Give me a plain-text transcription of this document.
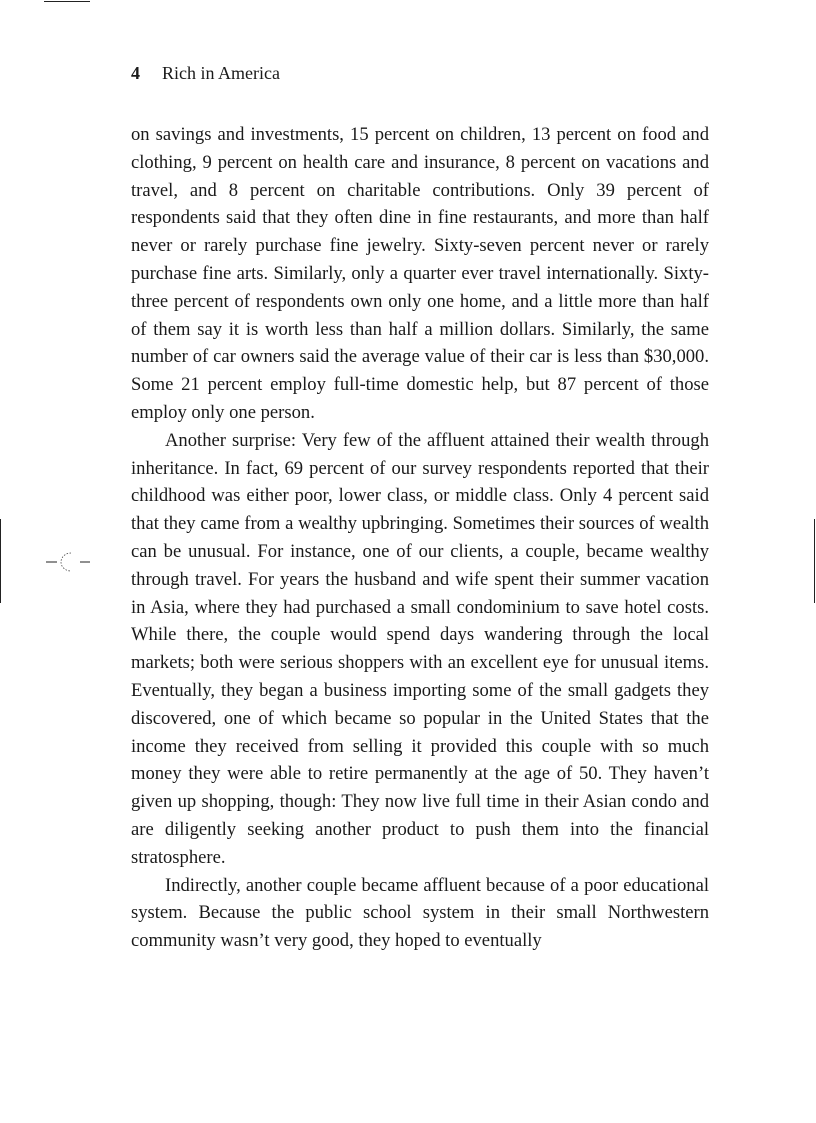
4 Rich in America

on savings and investments, 15 percent on children, 13 percent on food and clothing, 9 percent on health care and insurance, 8 percent on vacations and travel, and 8 percent on charitable contributions. Only 39 percent of respondents said that they often dine in fine restaurants, and more than half never or rarely purchase fine jewelry. Sixty-seven percent never or rarely purchase fine arts. Similarly, only a quarter ever travel internationally. Sixty-three percent of respondents own only one home, and a little more than half of them say it is worth less than half a million dollars. Similarly, the same number of car owners said the average value of their car is less than $30,000. Some 21 percent employ full-time domestic help, but 87 percent of those employ only one person.

Another surprise: Very few of the affluent attained their wealth through inheritance. In fact, 69 percent of our survey respondents reported that their childhood was either poor, lower class, or middle class. Only 4 percent said that they came from a wealthy upbringing. Sometimes their sources of wealth can be unusual. For instance, one of our clients, a couple, became wealthy through travel. For years the husband and wife spent their summer vacation in Asia, where they had purchased a small condominium to save hotel costs. While there, the couple would spend days wandering through the local markets; both were serious shoppers with an excellent eye for unusual items. Eventually, they began a business importing some of the small gadgets they discovered, one of which became so popular in the United States that the income they received from selling it provided this couple with so much money they were able to retire permanently at the age of 50. They haven’t given up shopping, though: They now live full time in their Asian condo and are diligently seeking another product to push them into the financial stratosphere.

Indirectly, another couple became affluent because of a poor educational system. Because the public school system in their small Northwestern community wasn’t very good, they hoped to eventually
